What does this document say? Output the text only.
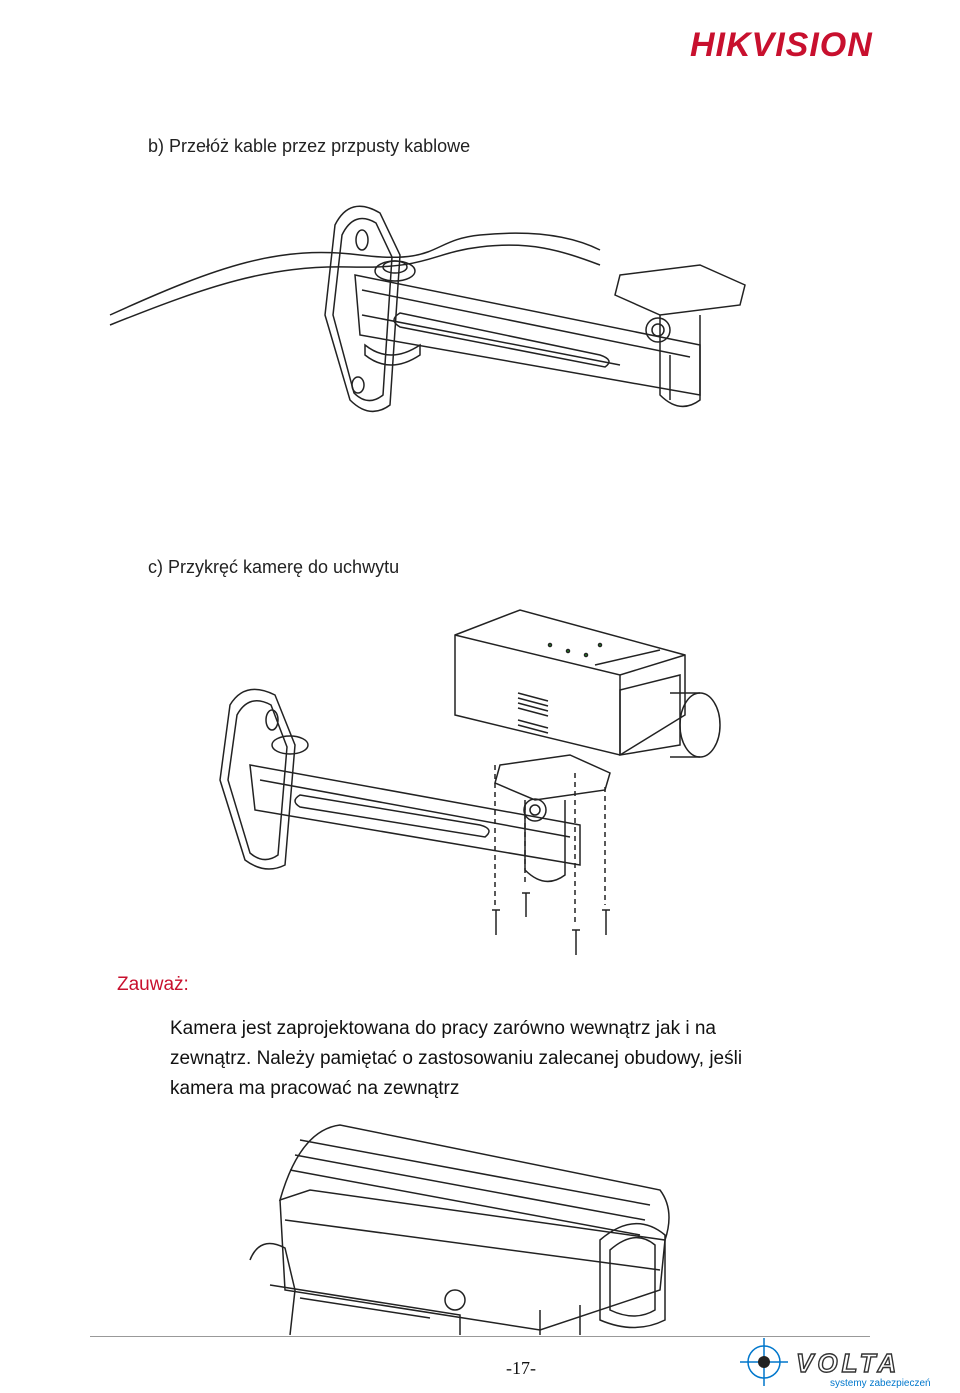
HIKVISION
b) Przełóż kable przez przpusty kablowe
c) Przykręć kamerę do uchwytu
Zauważ:

Kamera jest zaprojektowana do pracy zarówno wewnątrz jak i na

zewnątrz. Należy pamiętać o zastosowaniu zalecanej obudowy, jeśli

kamera ma pracować na zewnątrz

-17-	VOLTA
systemy zabezpieczeń
